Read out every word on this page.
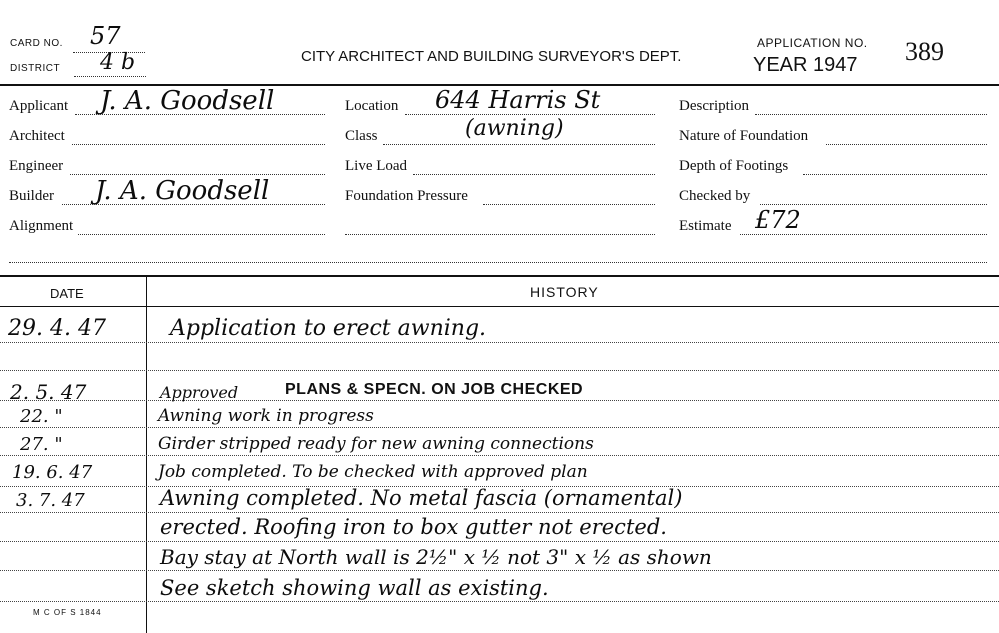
CARD NO. 57
DISTRICT 4 b	CITY ARCHITECT AND BUILDING SURVEYOR'S DEPT.
APPLICATION NO. 389
YEAR 1947
Applicant J. A. Goodsell
Architect
Engineer
Builder J. A. Goodsell
Alignment
Location 644 Harris St
Class	(awning)
Live Load
Foundation Pressure
Description
Nature of Foundation
Depth of Footings
Checked by
Estimate £72
DATE	HISTORY
29. 4. 47	Application to erect awning.
2. 5. 47	Approved	PLANS & SPECN. ON JOB CHECKED
22. "	Awning work in progress
27. "	Girder stripped ready for new awning connections
19. 6. 47	Job completed. To be checked with approved plan
3. 7. 47	Awning completed. No metal fascia (ornamental)
erected. Roofing iron to box gutter not erected.
Bay stay at North wall is 2½" x ½ not 3" x ½ as shown
See sketch showing wall as existing.
M C OF S 1844
